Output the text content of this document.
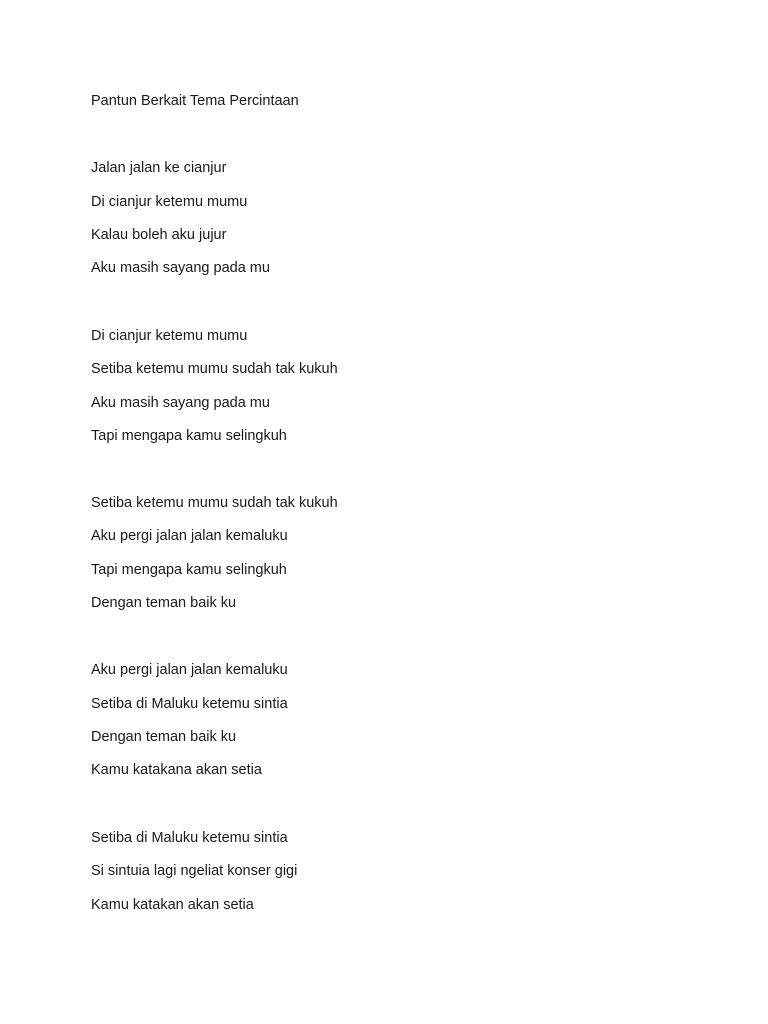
Pantun Berkait Tema Percintaan
Jalan jalan ke cianjur
Di cianjur ketemu mumu
Kalau boleh aku jujur
Aku masih sayang pada mu
Di cianjur ketemu mumu
Setiba ketemu mumu sudah tak kukuh
Aku masih sayang pada mu
Tapi mengapa kamu selingkuh
Setiba ketemu mumu sudah tak kukuh
Aku pergi jalan jalan kemaluku
Tapi mengapa kamu selingkuh
Dengan teman baik ku
Aku pergi jalan jalan kemaluku
Setiba di Maluku ketemu sintia
Dengan teman baik ku
Kamu katakana akan setia
Setiba di Maluku ketemu sintia
Si sintuia lagi ngeliat konser gigi
Kamu katakan akan setia
